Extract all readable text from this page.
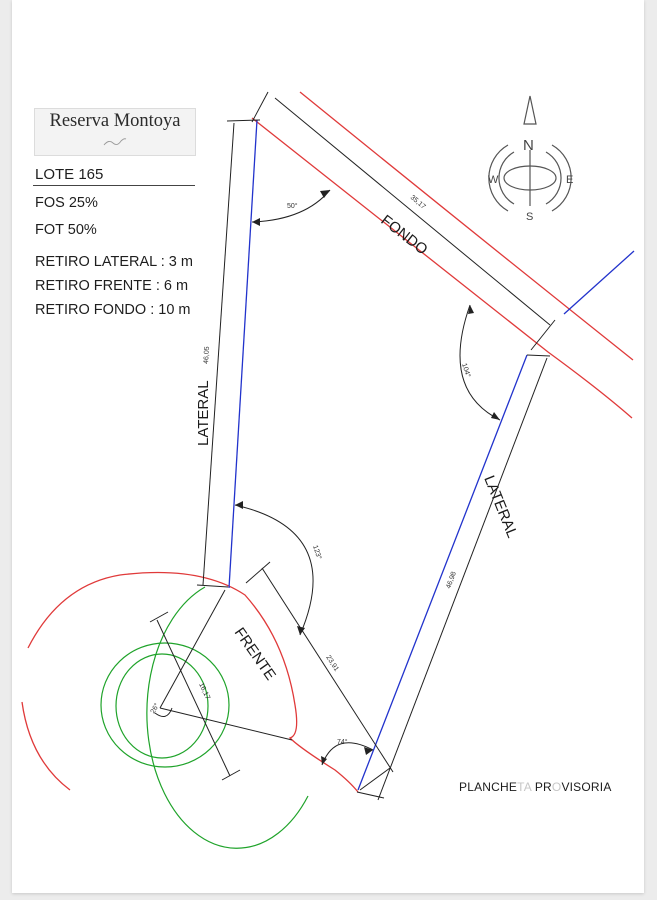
FONDO
LATERAL
LATERAL
FRENTE
35,17
46,05
46,98
23,91
16,17
50°
104°
123°
74°
26°
N
S
W	E
Reserva Montoya
LOTE 165
FOS 25%
FOT 50%
RETIRO LATERAL : 3 m
RETIRO FRENTE : 6 m
RETIRO FONDO : 10 m
PLANCHETA PROVISORIA
